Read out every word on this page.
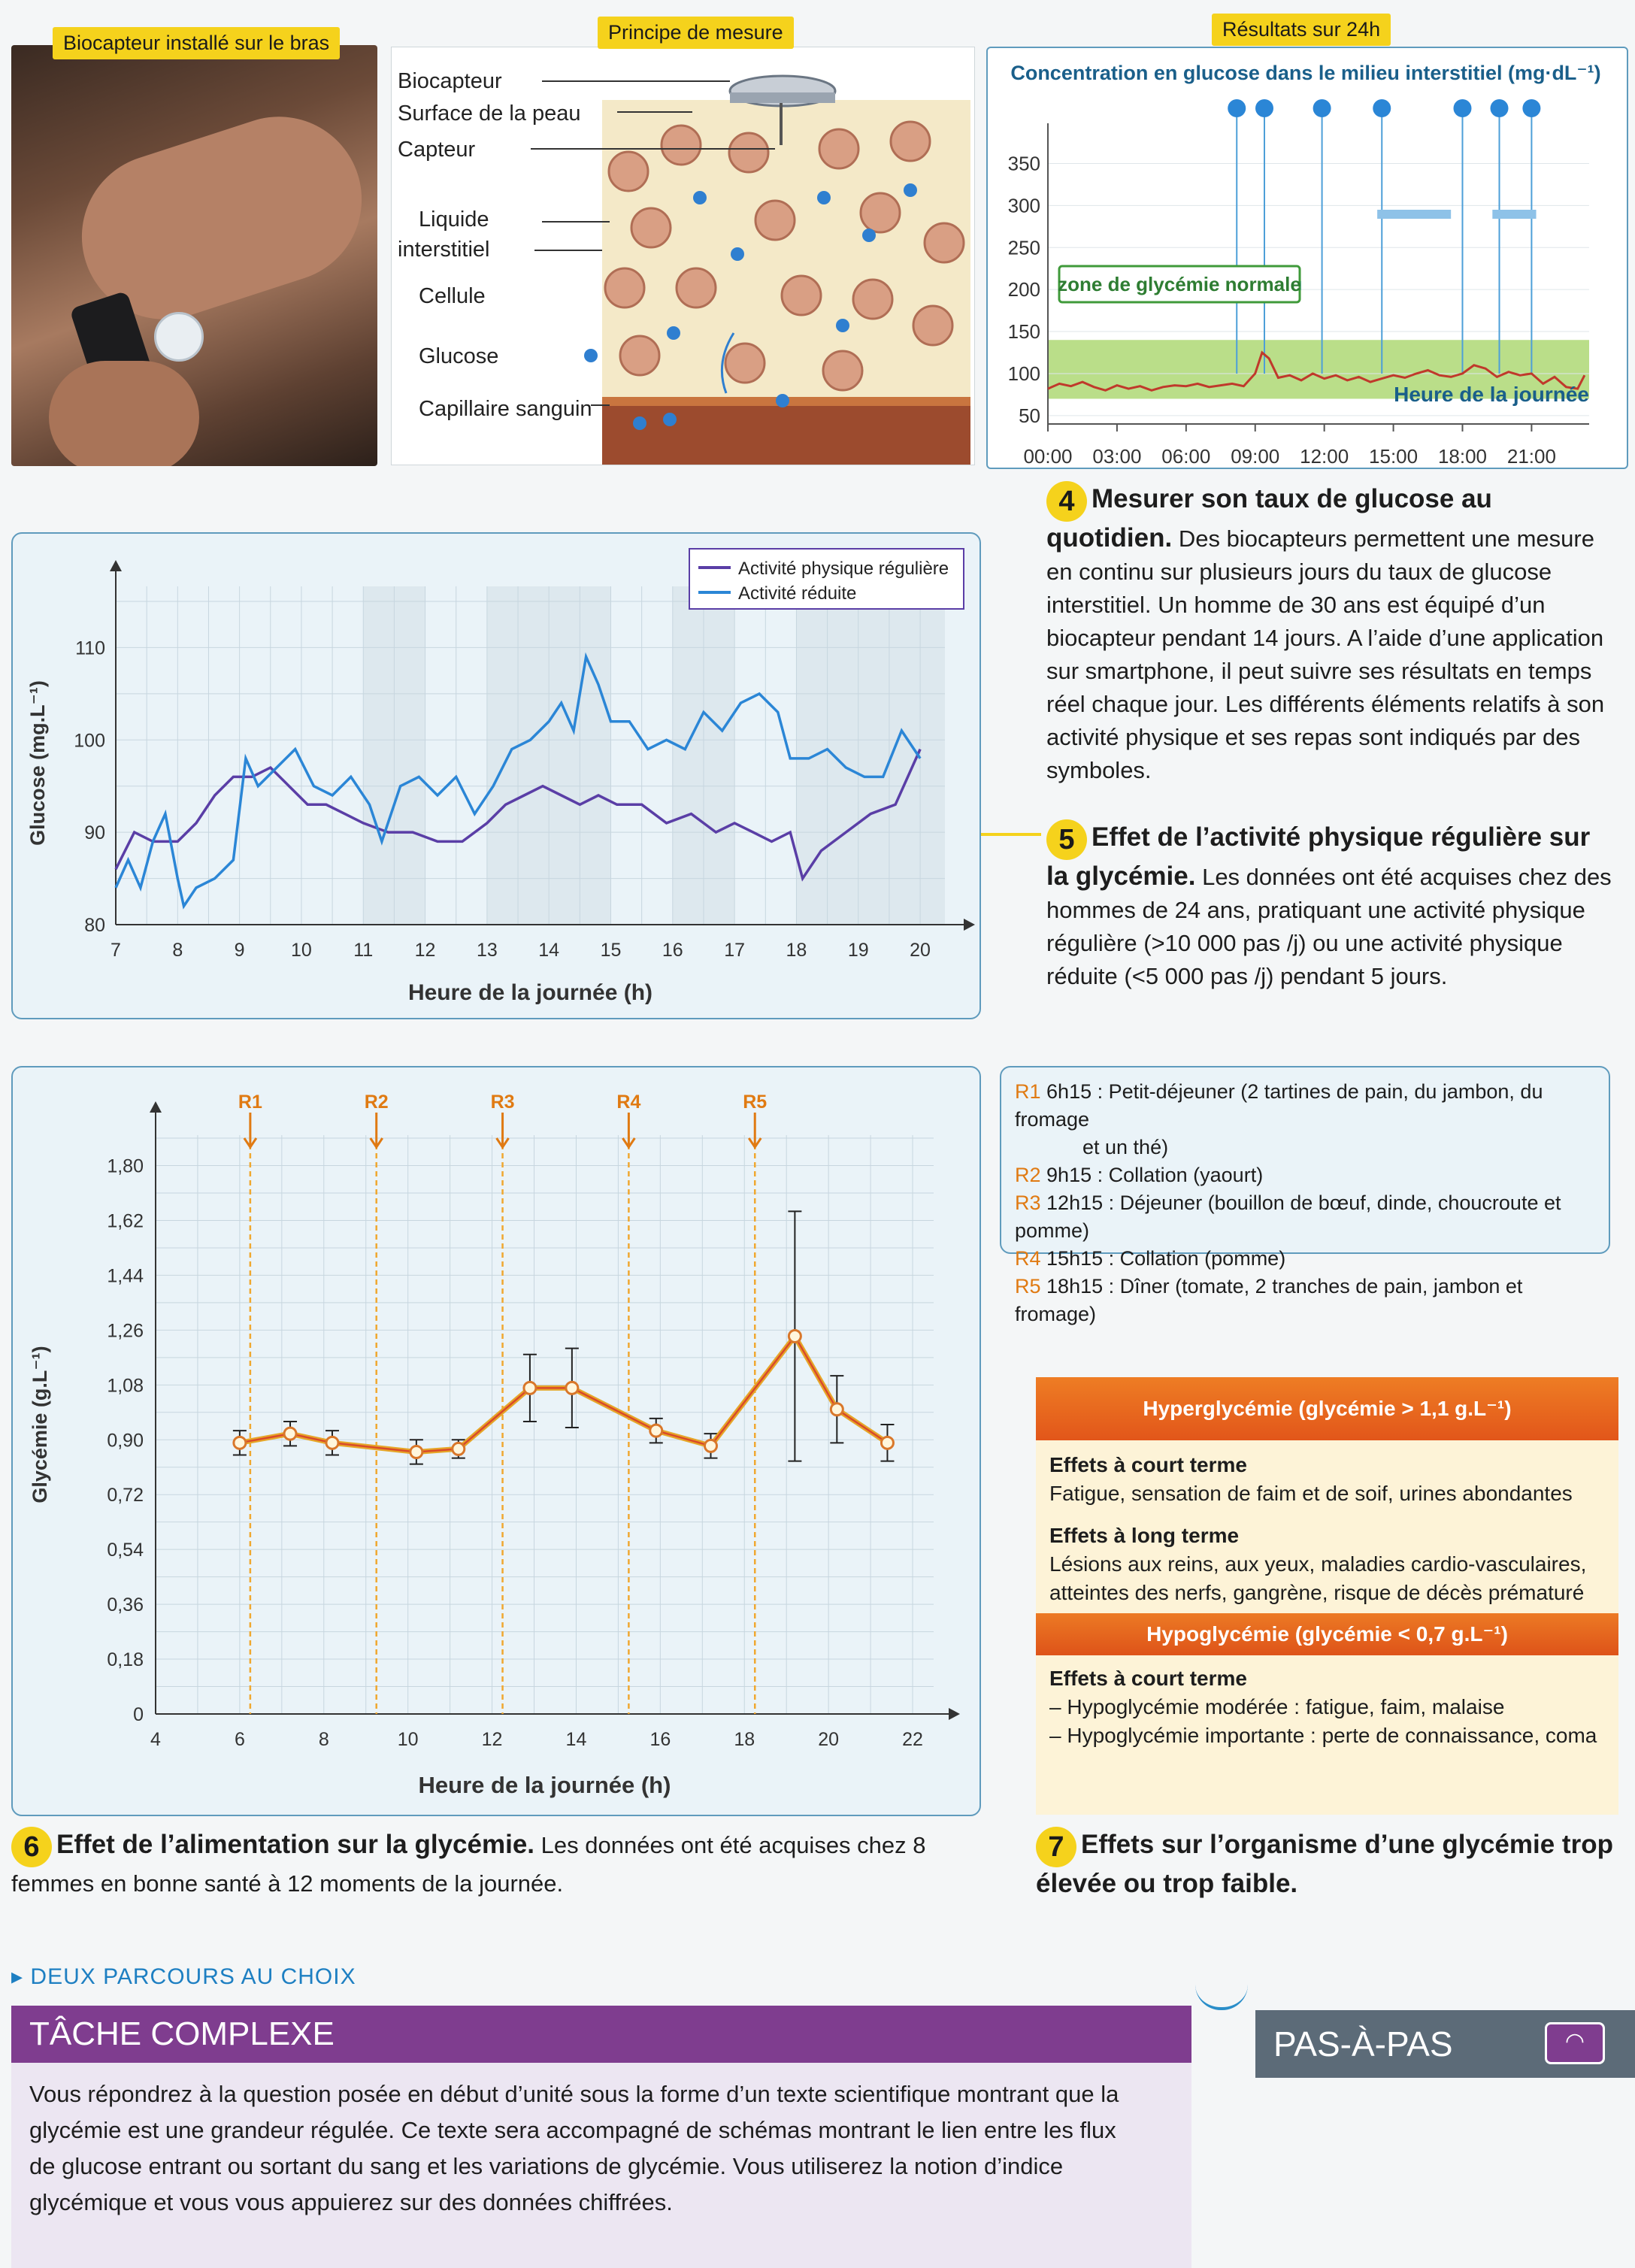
Biocapteur installé sur le bras
Biocapteur
Surface de la peau
Capteur
Liquide
interstitiel
Cellule
Glucose
Capillaire sanguin
Principe de mesure
Concentration en glucose dans le milieu interstitiel (mg·dL⁻¹)
50
100
150
200
250
300
350
00:00 03:00 06:00 09:00 12:00 15:00 18:00 21:00
zone de glycémie normale
Heure de la journée
Résultats sur 24h
4 Mesurer son taux de glucose au quotidien. Des biocapteurs permettent une mesure en continu sur plusieurs jours du taux de glucose interstitiel. Un homme de 30 ans est équipé d’un biocapteur pendant 14 jours. A l’aide d’une application sur smartphone, il peut suivre ses résultats en temps réel chaque jour. Les différents éléments relatifs à son activité physique et ses repas sont indiqués par des symboles.
80
90
100
110
7	8	9 10 11 12 13 14 15 16 17 18 19 20
Activité physique régulière
Activité réduite
Glucose (mg.L⁻¹)
Heure de la journée (h)
5 Effet de l’activité physique régulière sur la glycémie. Les données ont été acquises chez des hommes de 24 ans, pratiquant une activité physique régulière (>10 000 pas /j) ou une activité physique réduite (<5 000 pas /j) pendant 5 jours.
0
0,18
0,36
0,54
0,72
0,90
1,08
1,26
1,44
1,62
1,80
4	6	8	10	12	14	16	18	20	22
R1	R2	R3	R4	R5
Glycémie (g.L⁻¹)
Heure de la journée (h)
R1 6h15 : Petit-déjeuner (2 tartines de pain, du jambon, du fromage
et un thé)
R2 9h15 : Collation (yaourt)
R3 12h15 : Déjeuner (bouillon de bœuf, dinde, choucroute et pomme)
R4 15h15 : Collation (pomme)
R5 18h15 : Dîner (tomate, 2 tranches de pain, jambon et fromage)
Hyperglycémie (glycémie > 1,1 g.L⁻¹)
Effets à court terme
Fatigue, sensation de faim et de soif, urines abondantes
Effets à long terme
Lésions aux reins, aux yeux, maladies cardio-vasculaires, atteintes des nerfs, gangrène, risque de décès prématuré
Hypoglycémie (glycémie < 0,7 g.L⁻¹)
Effets à court terme
– Hypoglycémie modérée : fatigue, faim, malaise
– Hypoglycémie importante : perte de connaissance, coma
6 Effet de l’alimentation sur la glycémie. Les données ont été acquises chez 8 femmes en bonne santé à 12 moments de la journée.
7 Effets sur l’organisme d’une glycémie trop élevée ou trop faible.
▸ DEUX PARCOURS AU CHOIX
TÂCHE COMPLEXE
Vous répondrez à la question posée en début d’unité sous la forme d’un texte scientifique montrant que la glycémie est une grandeur régulée. Ce texte sera accompagné de schémas montrant le lien entre les flux de glucose entrant ou sortant du sang et les variations de glycémie. Vous utiliserez la notion d’indice glycémique et vous vous appuierez sur des données chiffrées.
PAS-À-PAS	◠
